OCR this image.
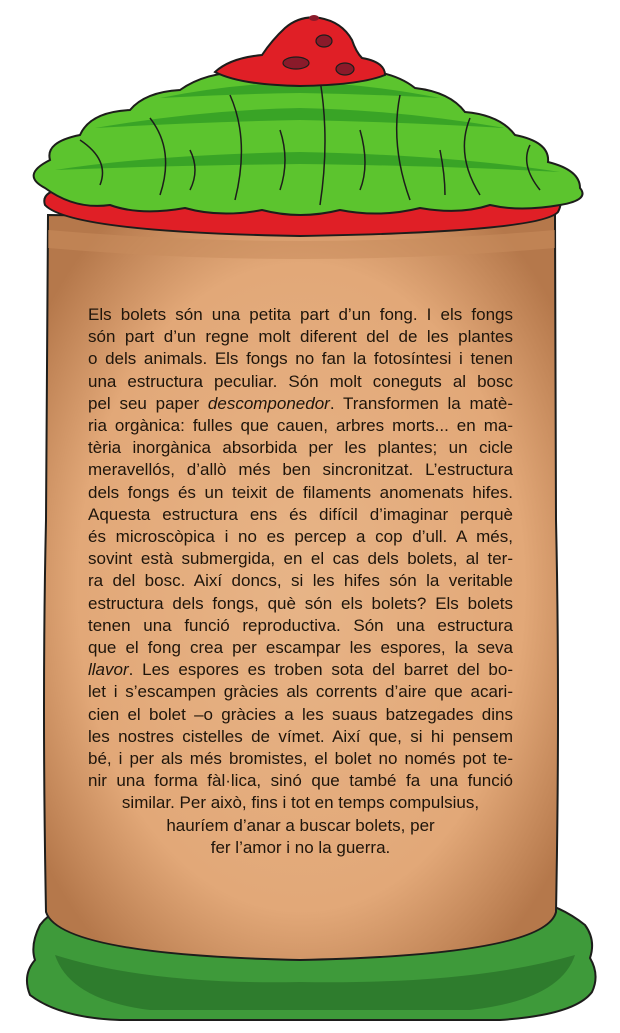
Els bolets són una petita part d’un fong. I els fongs

són part d’un regne molt diferent del de les plantes

o dels animals. Els fongs no fan la fotosíntesi i tenen

una estructura peculiar. Són molt coneguts al bosc

pel seu paper descomponedor. Transformen la matè-

ria orgànica: fulles que cauen, arbres morts... en ma-

tèria inorgànica absorbida per les plantes; un cicle

meravellós, d’allò més ben sincronitzat. L’estructura

dels fongs és un teixit de filaments anomenats hifes.

Aquesta estructura ens és difícil d’imaginar perquè

és microscòpica i no es percep a cop d’ull. A més,

sovint està submergida, en el cas dels bolets, al ter-

ra del bosc. Així doncs, si les hifes són la veritable

estructura dels fongs, què són els bolets? Els bolets

tenen una funció reproductiva. Són una estructura

que el fong crea per escampar les espores, la seva

llavor. Les espores es troben sota del barret del bo-

let i s’escampen gràcies als corrents d’aire que acari-

cien el bolet –o gràcies a les suaus batzegades dins

les nostres cistelles de vímet. Així que, si hi pensem

bé, i per als més bromistes, el bolet no només pot te-

nir una forma fàl·lica, sinó que també fa una funció

similar. Per això, fins i tot en temps compulsius,

hauríem d’anar a buscar bolets, per

fer l’amor i no la guerra.
